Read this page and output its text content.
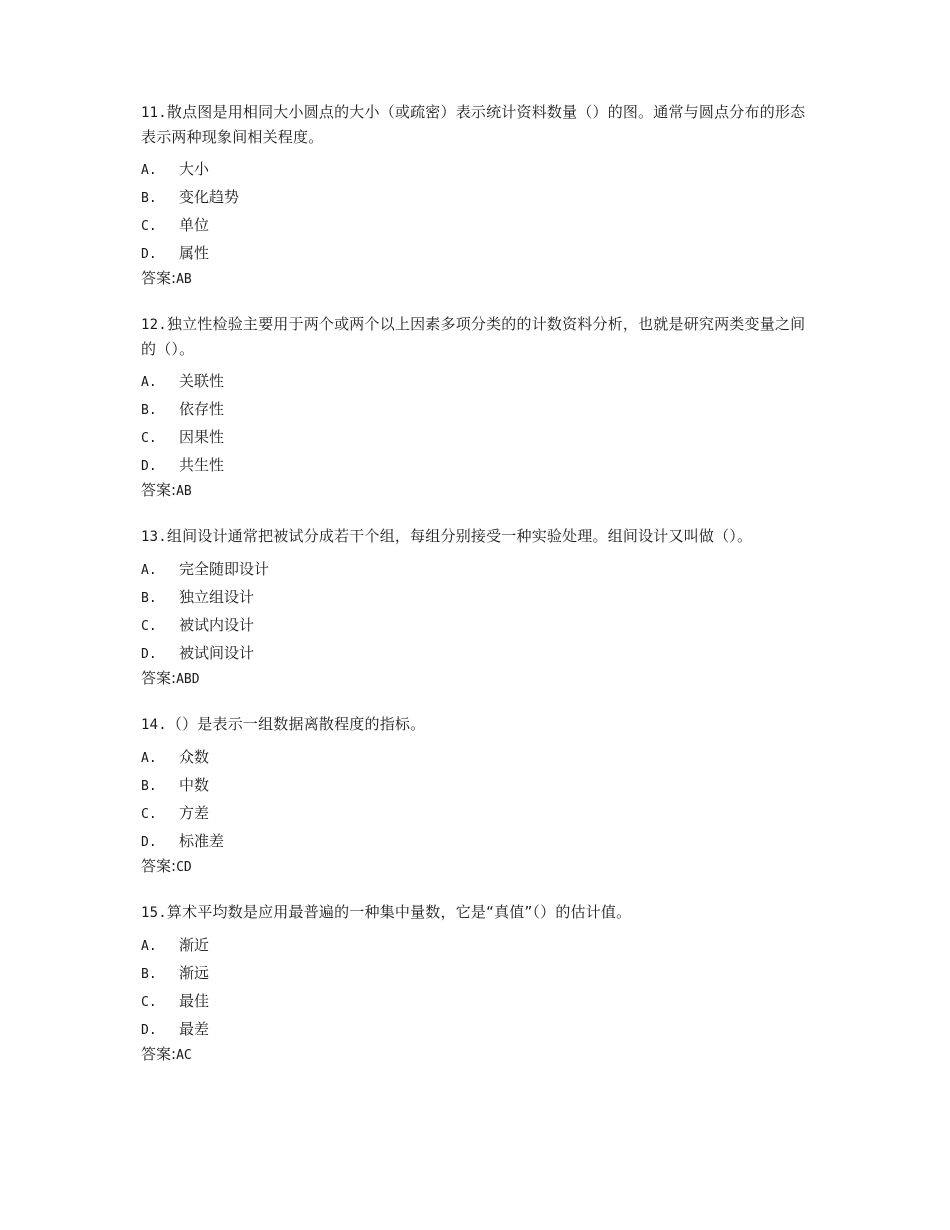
11.散点图是用相同大小圆点的大小（或疏密）表示统计资料数量（）的图。通常与圆点分布的形态表示两种现象间相关程度。

A. 大小
B. 变化趋势
C. 单位
D. 属性
答案:AB

12.独立性检验主要用于两个或两个以上因素多项分类的的计数资料分析，也就是研究两类变量之间的（）。

A. 关联性
B. 依存性
C. 因果性
D. 共生性
答案:AB

13.组间设计通常把被试分成若干个组，每组分别接受一种实验处理。组间设计又叫做（）。

A. 完全随即设计
B. 独立组设计
C. 被试内设计
D. 被试间设计
答案:ABD

14.（）是表示一组数据离散程度的指标。

A. 众数
B. 中数
C. 方差
D. 标准差
答案:CD

15.算术平均数是应用最普遍的一种集中量数，它是“真值”（）的估计值。

A. 渐近
B. 渐远
C. 最佳
D. 最差
答案:AC
